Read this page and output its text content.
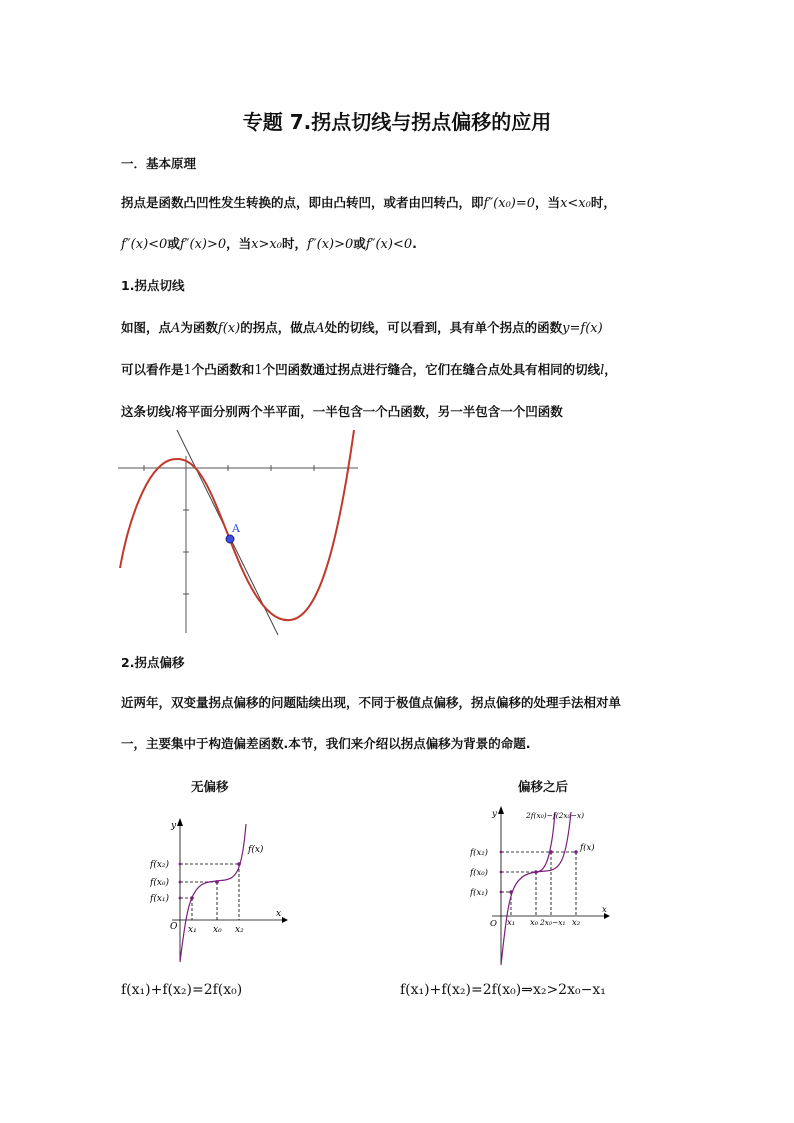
专题 7.拐点切线与拐点偏移的应用
一．基本原理
拐点是函数凸凹性发生转换的点，即由凸转凹，或者由凹转凸，即f″(x₀)=0，当x<x₀时，
f″(x)<0或f″(x)>0，当x>x₀时，f″(x)>0或f″(x)<0.
1.拐点切线
如图，点A为函数f(x)的拐点，做点A处的切线，可以看到，具有单个拐点的函数y=f(x)
可以看作是1个凸函数和1个凹函数通过拐点进行缝合，它们在缝合点处具有相同的切线l，
这条切线l将平面分别两个半平面，一半包含一个凸函数，另一半包含一个凹函数
A
2.拐点偏移
近两年，双变量拐点偏移的问题陆续出现，不同于极值点偏移，拐点偏移的处理手法相对单
一，主要集中于构造偏差函数.本节，我们来介绍以拐点偏移为背景的命题.
无偏移	偏移之后
y
x
O
f(x)
f(x₂)
f(x₀)
f(x₁)
x₁ x₀ x₂
y
x
O
2f(x₀)−f(2x₀−x)
f(x)
f(x₂)
f(x₀)
f(x₁)
x₁ x₀ 2x₀−x₁ x₂
f(x₁)+f(x₂)=2f(x₀)	f(x₁)+f(x₂)=2f(x₀)⇒x₂>2x₀−x₁
